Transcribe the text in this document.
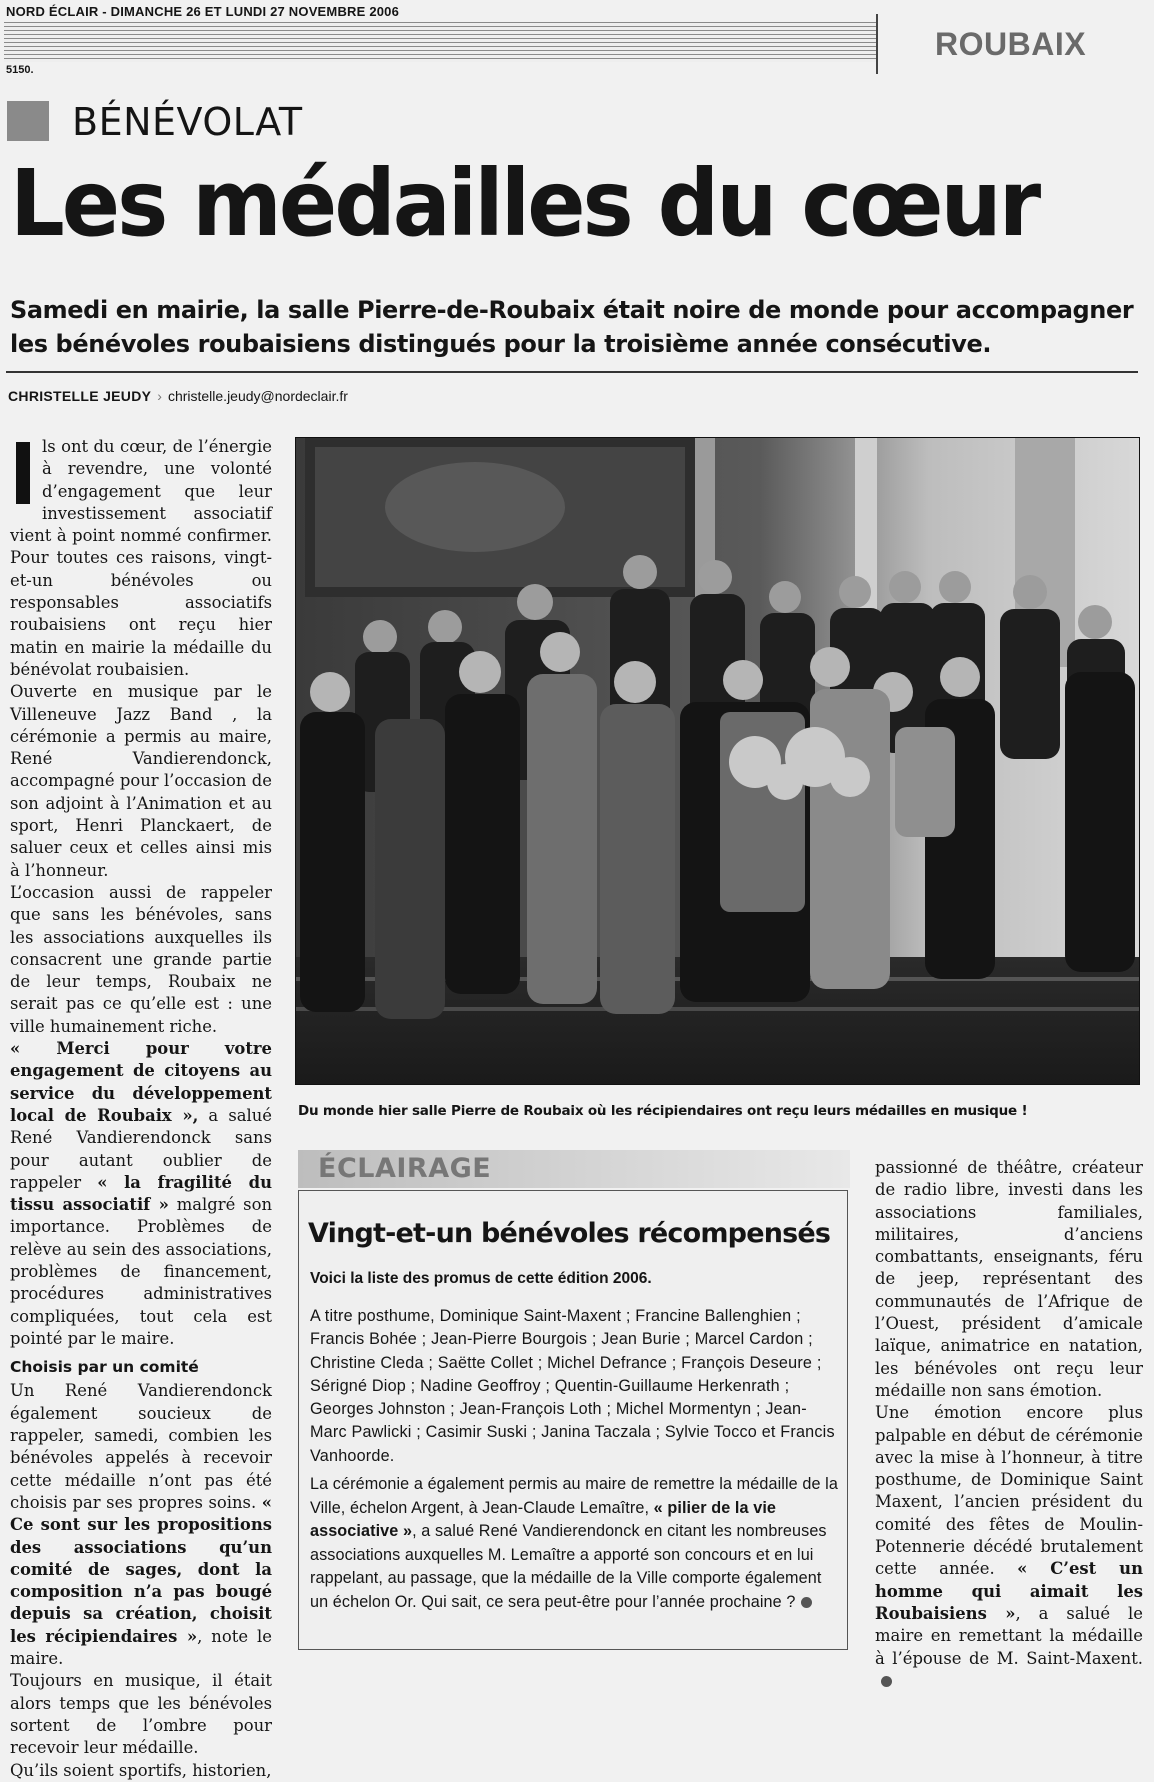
NORD ÉCLAIR - DIMANCHE 26 ET LUNDI 27 NOVEMBRE 2006
ROUBAIX
5150.
BÉNÉVOLAT
Les médailles du cœur
Samedi en mairie, la salle Pierre-de-Roubaix était noire de monde pour accompagner
les bénévoles roubaisiens distingués pour la troisième année consécutive.
CHRISTELLE JEUDY › christelle.jeudy@nordeclair.fr

ls ont du cœur, de l’énergie à revendre, une volonté d’engagement que leur investissement associatif vient à point nommé confirmer. Pour toutes ces raisons, vingt-et-un bénévoles ou responsables associatifs roubaisiens ont reçu hier matin en mairie la médaille du bénévolat roubaisien.

Ouverte en musique par le Villeneuve Jazz Band , la cérémonie a permis au maire, René Vandierendonck, accompagné pour l’occasion de son adjoint à l’Animation et au sport, Henri Planckaert, de saluer ceux et celles ainsi mis à l’honneur.

L’occasion aussi de rappeler que sans les bénévoles, sans les associations auxquelles ils consacrent une grande partie de leur temps, Roubaix ne serait pas ce qu’elle est : une ville humainement riche.

« Merci pour votre engagement de citoyens au service du développement local de Roubaix », a salué René Vandierendonck sans pour autant oublier de rappeler « la fragilité du tissu associatif » malgré son importance. Problèmes de relève au sein des associations, problèmes de financement, procédures administratives compliquées, tout cela est pointé par le maire.

Choisis par un comité

Un René Vandierendonck également soucieux de rappeler, samedi, combien les bénévoles appelés à recevoir cette médaille n’ont pas été choisis par ses propres soins. « Ce sont sur les propositions des associations qu’un comité de sages, dont la composition n’a pas bougé depuis sa création, choisit les récipiendaires », note le maire.

Toujours en musique, il était alors temps que les bénévoles sortent de l’ombre pour recevoir leur médaille.

Qu’ils soient sportifs, historien,

Du monde hier salle Pierre de Roubaix où les récipiendaires ont reçu leurs médailles en musique !
ÉCLAIRAGE
Vingt-et-un bénévoles récompensés
Voici la liste des promus de cette édition 2006.
A titre posthume, Dominique Saint-Maxent ; Francine Ballenghien ; Francis Bohée ; Jean-Pierre Bourgois ; Jean Burie ; Marcel Cardon ; Christine Cleda ; Saëtte Collet ; Michel Defrance ; François Deseure ; Sérigné Diop ; Nadine Geoffroy ; Quentin-Guillaume Herkenrath ; Georges Johnston ; Jean-François Loth ; Michel Mormentyn ; Jean-Marc Pawlicki ; Casimir Suski ; Janina Taczala ; Sylvie Tocco et Francis Vanhoorde.
La cérémonie a également permis au maire de remettre la médaille de la Ville, échelon Argent, à Jean-Claude Lemaître, « pilier de la vie associative », a salué René Vandierendonck en citant les nombreuses associations auxquelles M. Lemaître a apporté son concours et en lui rappelant, au passage, que la médaille de la Ville comporte également un échelon Or. Qui sait, ce sera peut-être pour l’année prochaine ?

passionné de théâtre, créateur de radio libre, investi dans les associations familiales, militaires, d’anciens combattants, enseignants, féru de jeep, représentant des communautés de l’Afrique de l’Ouest, président d’amicale laïque, animatrice en natation, les bénévoles ont reçu leur médaille non sans émotion.

Une émotion encore plus palpable en début de cérémonie avec la mise à l’honneur, à titre posthume, de Dominique Saint Maxent, l’ancien président du comité des fêtes de Moulin-Potennerie décédé brutalement cette année. « C’est un homme qui aimait les Roubaisiens », a salué le maire en remettant la médaille à l’épouse de M. Saint-Maxent.
